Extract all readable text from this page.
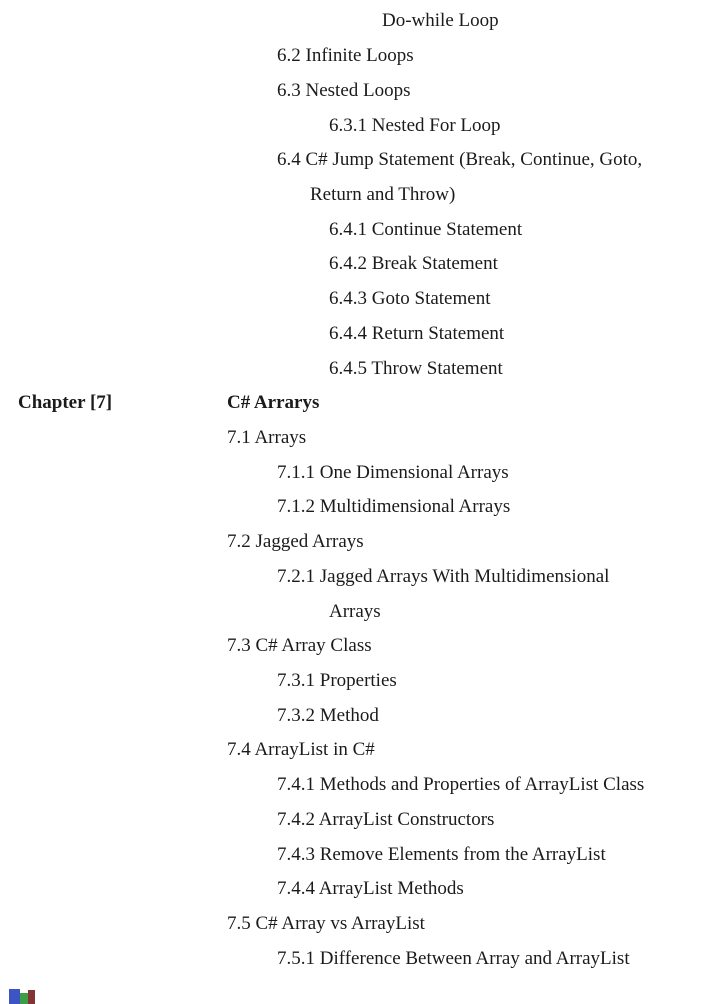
Do-while Loop
6.2 Infinite Loops
6.3 Nested Loops
6.3.1 Nested For Loop
6.4 C# Jump Statement (Break, Continue, Goto,
Return and Throw)
6.4.1 Continue Statement
6.4.2 Break Statement
6.4.3 Goto Statement
6.4.4 Return Statement
6.4.5 Throw Statement
Chapter [7]	C# Arrarys
7.1 Arrays
7.1.1 One Dimensional Arrays
7.1.2 Multidimensional Arrays
7.2 Jagged Arrays
7.2.1 Jagged Arrays With Multidimensional
Arrays
7.3 C# Array Class
7.3.1 Properties
7.3.2 Method
7.4 ArrayList in C#
7.4.1 Methods and Properties of ArrayList Class
7.4.2 ArrayList Constructors
7.4.3 Remove Elements from the ArrayList
7.4.4 ArrayList Methods
7.5 C# Array vs ArrayList
7.5.1 Difference Between Array and ArrayList
